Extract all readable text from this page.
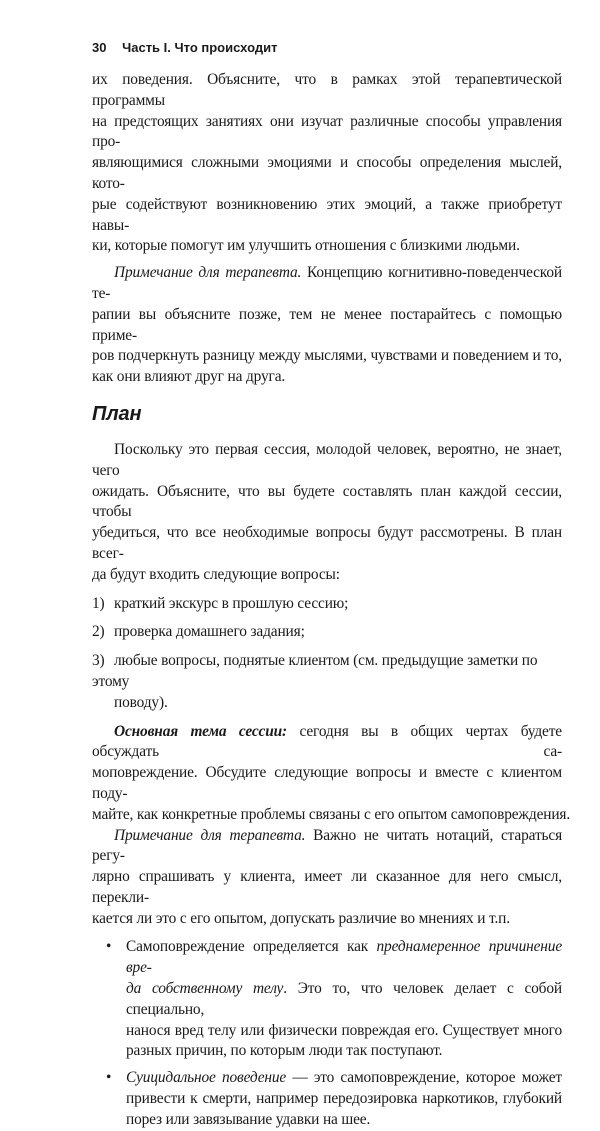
30 Часть I. Что происходит
их поведения. Объясните, что в рамках этой терапевтической программы
на предстоящих занятиях они изучат различные способы управления про-
являющимися сложными эмоциями и способы определения мыслей, кото-
рые содействуют возникновению этих эмоций, а также приобретут навы-
ки, которые помогут им улучшить отношения с близкими людьми.
Примечание для терапевта. Концепцию когнитивно-поведенческой те-
рапии вы объясните позже, тем не менее постарайтесь с помощью приме-
ров подчеркнуть разницу между мыслями, чувствами и поведением и то,
как они влияют друг на друга.
План
Поскольку это первая сессия, молодой человек, вероятно, не знает, чего
ожидать. Объясните, что вы будете составлять план каждой сессии, чтобы
убедиться, что все необходимые вопросы будут рассмотрены. В план всег-
да будут входить следующие вопросы:
1) краткий экскурс в прошлую сессию;
2) проверка домашнего задания;
3) любые вопросы, поднятые клиентом (см. предыдущие заметки по этому
поводу).
Основная тема сессии: сегодня вы в общих чертах будете обсуждать са-
моповреждение. Обсудите следующие вопросы и вместе с клиентом поду-
майте, как конкретные проблемы связаны с его опытом самоповреждения.
Примечание для терапевта. Важно не читать нотаций, стараться регу-
лярно спрашивать у клиента, имеет ли сказанное для него смысл, перекли-
кается ли это с его опытом, допускать различие во мнениях и т.п.
• Самоповреждение определяется как преднамеренное причинение вре-
да собственному телу. Это то, что человек делает с собой специально,
нанося вред телу или физически повреждая его. Существует много
разных причин, по которым люди так поступают.
• Суицидальное поведение — это самоповреждение, которое может
привести к смерти, например передозировка наркотиков, глубокий
порез или завязывание удавки на шее.
